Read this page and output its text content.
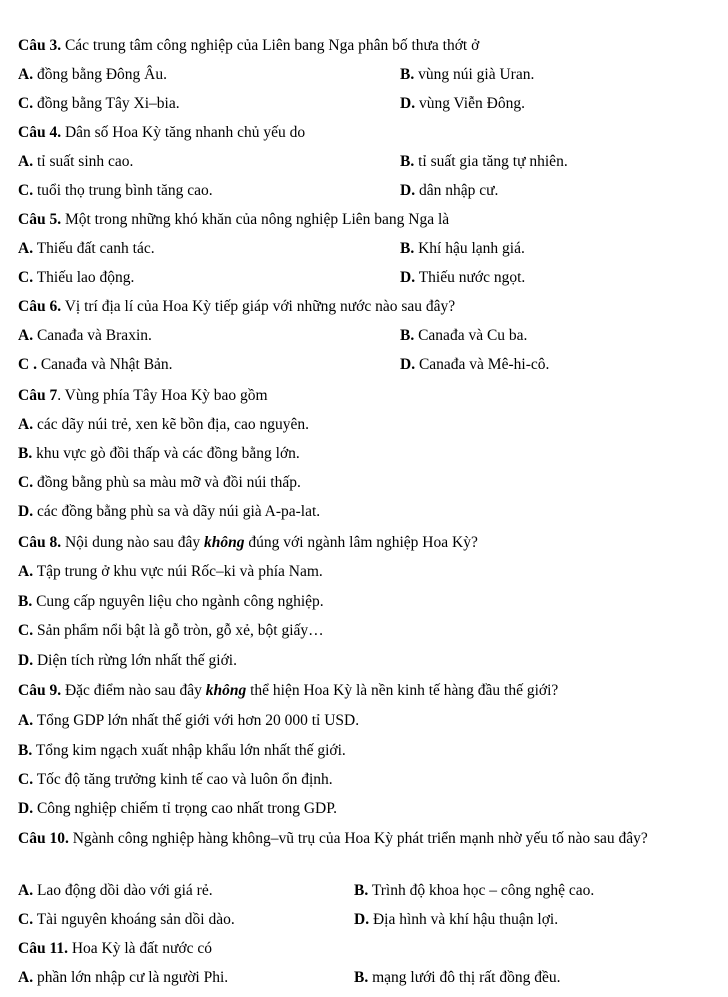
Câu 3. Các trung tâm công nghiệp của Liên bang Nga phân bố thưa thớt ở
A. đồng bằng Đông Âu.	B. vùng núi già Uran.
C. đồng bằng Tây Xi–bia.	D. vùng Viễn Đông.
Câu 4. Dân số Hoa Kỳ tăng nhanh chủ yếu do
A. tỉ suất sinh cao.	B. tỉ suất gia tăng tự nhiên.
C. tuổi thọ trung bình tăng cao.	D. dân nhập cư.
Câu 5. Một trong những khó khăn của nông nghiệp Liên bang Nga là
A. Thiếu đất canh tác.	B. Khí hậu lạnh giá.
C. Thiếu lao động.	D. Thiếu nước ngọt.
Câu 6. Vị trí địa lí của Hoa Kỳ tiếp giáp với những nước nào sau đây?
A. Canađa và Braxin.	B. Canađa và Cu ba.
C . Canađa và Nhật Bản.	D. Canađa và Mê-hi-cô.
Câu 7. Vùng phía Tây Hoa Kỳ bao gồm
A. các dãy núi trẻ, xen kẽ bồn địa, cao nguyên.
B. khu vực gò đồi thấp và các đồng bằng lớn.
C. đồng bằng phù sa màu mỡ và đồi núi thấp.
D. các đồng bằng phù sa và dãy núi già A-pa-lat.
Câu 8. Nội dung nào sau đây không đúng với ngành lâm nghiệp Hoa Kỳ?
A. Tập trung ở khu vực núi Rốc–ki và phía Nam.
B. Cung cấp nguyên liệu cho ngành công nghiệp.
C. Sản phẩm nổi bật là gỗ tròn, gỗ xẻ, bột giấy…
D. Diện tích rừng lớn nhất thế giới.
Câu 9. Đặc điểm nào sau đây không thể hiện Hoa Kỳ là nền kinh tế hàng đầu thế giới?
A. Tổng GDP lớn nhất thế giới với hơn 20 000 tỉ USD.
B. Tổng kim ngạch xuất nhập khẩu lớn nhất thế giới.
C. Tốc độ tăng trưởng kinh tế cao và luôn ổn định.
D. Công nghiệp chiếm tỉ trọng cao nhất trong GDP.
Câu 10. Ngành công nghiệp hàng không–vũ trụ của Hoa Kỳ phát triển mạnh nhờ yếu tố nào sau đây?
A. Lao động dồi dào với giá rẻ.	B. Trình độ khoa học – công nghệ cao.
C. Tài nguyên khoáng sản dồi dào.	D. Địa hình và khí hậu thuận lợi.
Câu 11. Hoa Kỳ là đất nước có
A. phần lớn nhập cư là người Phi.	B. mạng lưới đô thị rất đồng đều.
